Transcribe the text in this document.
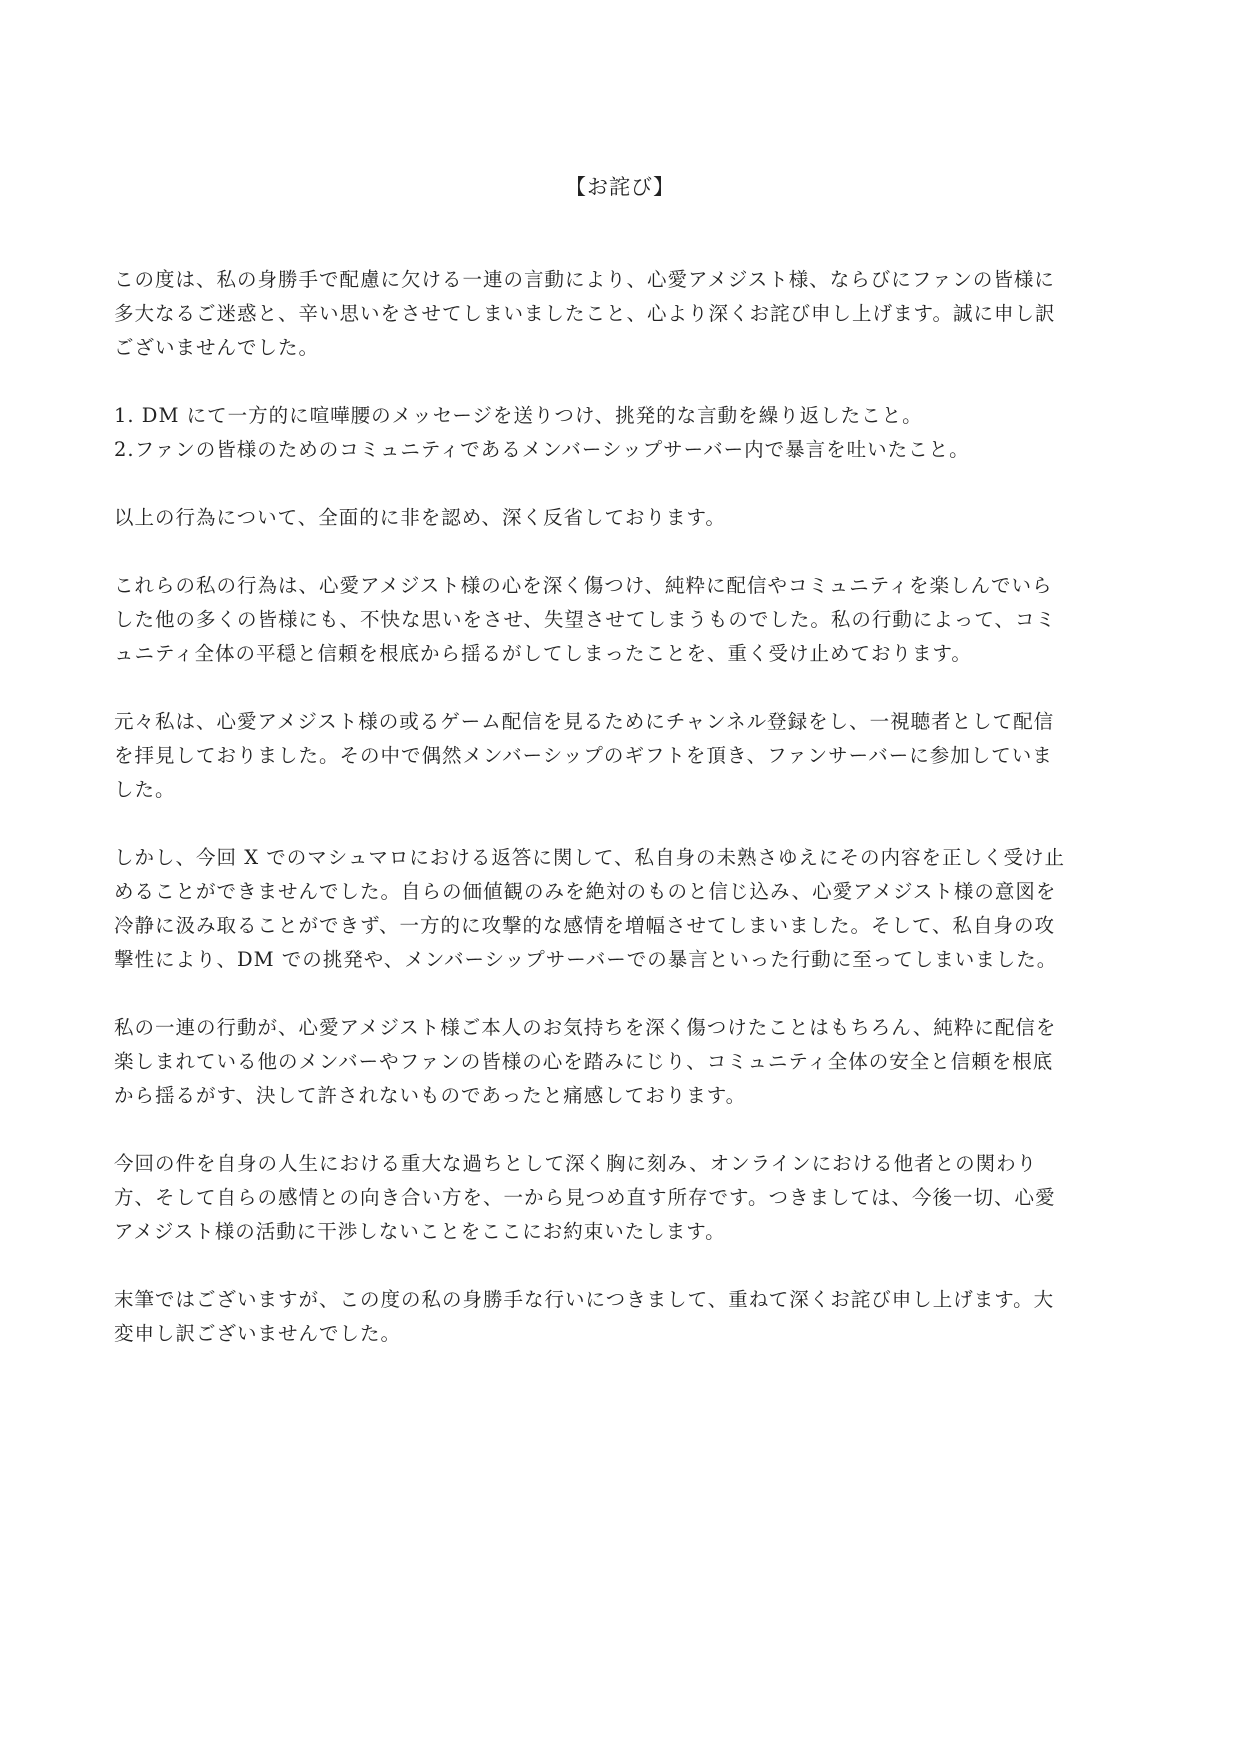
【お詫び】

この度は、私の身勝手で配慮に欠ける一連の言動により、心愛アメジスト様、ならびにファンの皆様に
多大なるご迷惑と、辛い思いをさせてしまいましたこと、心より深くお詫び申し上げます。誠に申し訳
ございませんでした。

1. DM にて一方的に喧嘩腰のメッセージを送りつけ、挑発的な言動を繰り返したこと。
2.ファンの皆様のためのコミュニティであるメンバーシップサーバー内で暴言を吐いたこと。

以上の行為について、全面的に非を認め、深く反省しております。

これらの私の行為は、心愛アメジスト様の心を深く傷つけ、純粋に配信やコミュニティを楽しんでいら
した他の多くの皆様にも、不快な思いをさせ、失望させてしまうものでした。私の行動によって、コミ
ュニティ全体の平穏と信頼を根底から揺るがしてしまったことを、重く受け止めております。

元々私は、心愛アメジスト様の或るゲーム配信を見るためにチャンネル登録をし、一視聴者として配信
を拝見しておりました。その中で偶然メンバーシップのギフトを頂き、ファンサーバーに参加していま
した。

しかし、今回 X でのマシュマロにおける返答に関して、私自身の未熟さゆえにその内容を正しく受け止
めることができませんでした。自らの価値観のみを絶対のものと信じ込み、心愛アメジスト様の意図を
冷静に汲み取ることができず、一方的に攻撃的な感情を増幅させてしまいました。そして、私自身の攻
撃性により、DM での挑発や、メンバーシップサーバーでの暴言といった行動に至ってしまいました。

私の一連の行動が、心愛アメジスト様ご本人のお気持ちを深く傷つけたことはもちろん、純粋に配信を
楽しまれている他のメンバーやファンの皆様の心を踏みにじり、コミュニティ全体の安全と信頼を根底
から揺るがす、決して許されないものであったと痛感しております。

今回の件を自身の人生における重大な過ちとして深く胸に刻み、オンラインにおける他者との関わり
方、そして自らの感情との向き合い方を、一から見つめ直す所存です。つきましては、今後一切、心愛
アメジスト様の活動に干渉しないことをここにお約束いたします。

末筆ではございますが、この度の私の身勝手な行いにつきまして、重ねて深くお詫び申し上げます。大
変申し訳ございませんでした。
